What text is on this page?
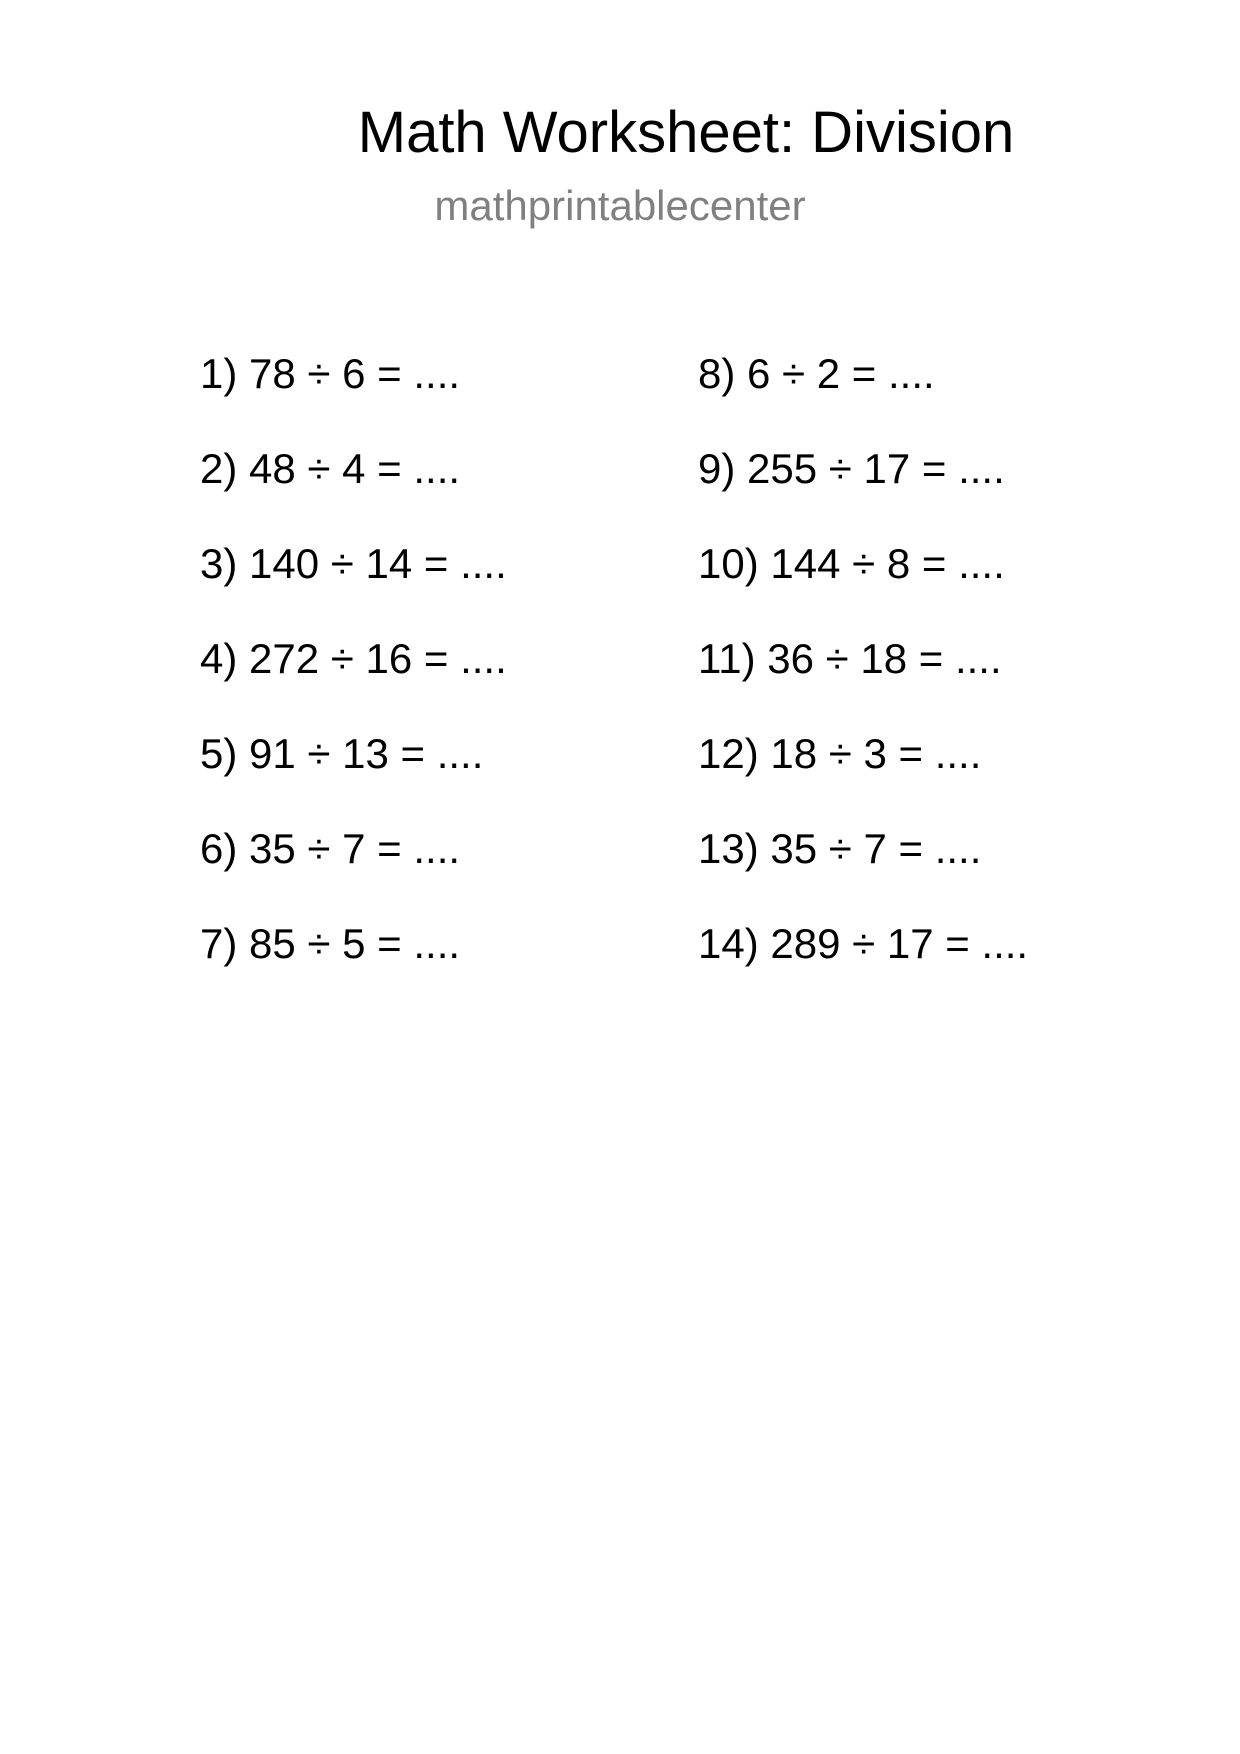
Math Worksheet: Division
mathprintablecenter
1) 78 ÷ 6 = ....
2) 48 ÷ 4 = ....
3) 140 ÷ 14 = ....
4) 272 ÷ 16 = ....
5) 91 ÷ 13 = ....
6) 35 ÷ 7 = ....
7) 85 ÷ 5 = ....
8) 6 ÷ 2 = ....
9) 255 ÷ 17 = ....
10) 144 ÷ 8 = ....
11) 36 ÷ 18 = ....
12) 18 ÷ 3 = ....
13) 35 ÷ 7 = ....
14) 289 ÷ 17 = ....
